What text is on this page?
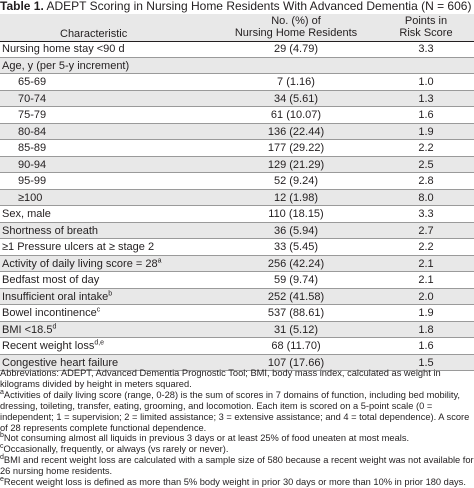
Table 1. ADEPT Scoring in Nursing Home Residents With Advanced Dementia (N = 606)
Characteristic
No. (%) of
Nursing Home Residents
Points in
Risk Score
Nursing home stay <90 d	29 (4.79)	3.3
Age, y (per 5-y increment)
65-69	7 (1.16)	1.0
70-74	34 (5.61)	1.3
75-79	61 (10.07)	1.6
80-84	136 (22.44)	1.9
85-89	177 (29.22)	2.2
90-94	129 (21.29)	2.5
95-99	52 (9.24)	2.8
≥100	12 (1.98)	8.0
Sex, male	110 (18.15)	3.3
Shortness of breath	36 (5.94)	2.7
≥1 Pressure ulcers at ≥ stage 2	33 (5.45)	2.2
Activity of daily living score = $28^a$	256 (42.24)	2.1
Bedfast most of day	59 (9.74)	2.1
Insufficient oral intake$^b$	252 (41.58)	2.0
Bowel incontinence$^c$	537 (88.61)	1.9
BMI <18.5$^d$	31 (5.12)	1.8
Recent weight loss$^{d,e}$	68 (11.70)	1.6
Congestive heart failure	107 (17.66)	1.5

Abbreviations: ADEPT, Advanced Dementia Prognostic Tool; BMI, body mass index, calculated as weight in kilograms divided by height in meters squared.

$^a$Activities of daily living score (range, 0-28) is the sum of scores in 7 domains of function, including bed mobility, dressing, toileting, transfer, eating, grooming, and locomotion. Each item is scored on a 5-point scale (0 = independent; 1 = supervision; 2 = limited assistance; 3 = extensive assistance; and 4 = total dependence). A score of 28 represents complete functional dependence.

$^b$Not consuming almost all liquids in previous 3 days or at least 25% of food uneaten at most meals.

$^c$Occasionally, frequently, or always (vs rarely or never).

$^d$BMI and recent weight loss are calculated with a sample size of 580 because a recent weight was not available for 26 nursing home residents.

$^e$Recent weight loss is defined as more than 5% body weight in prior 30 days or more than 10% in prior 180 days.
